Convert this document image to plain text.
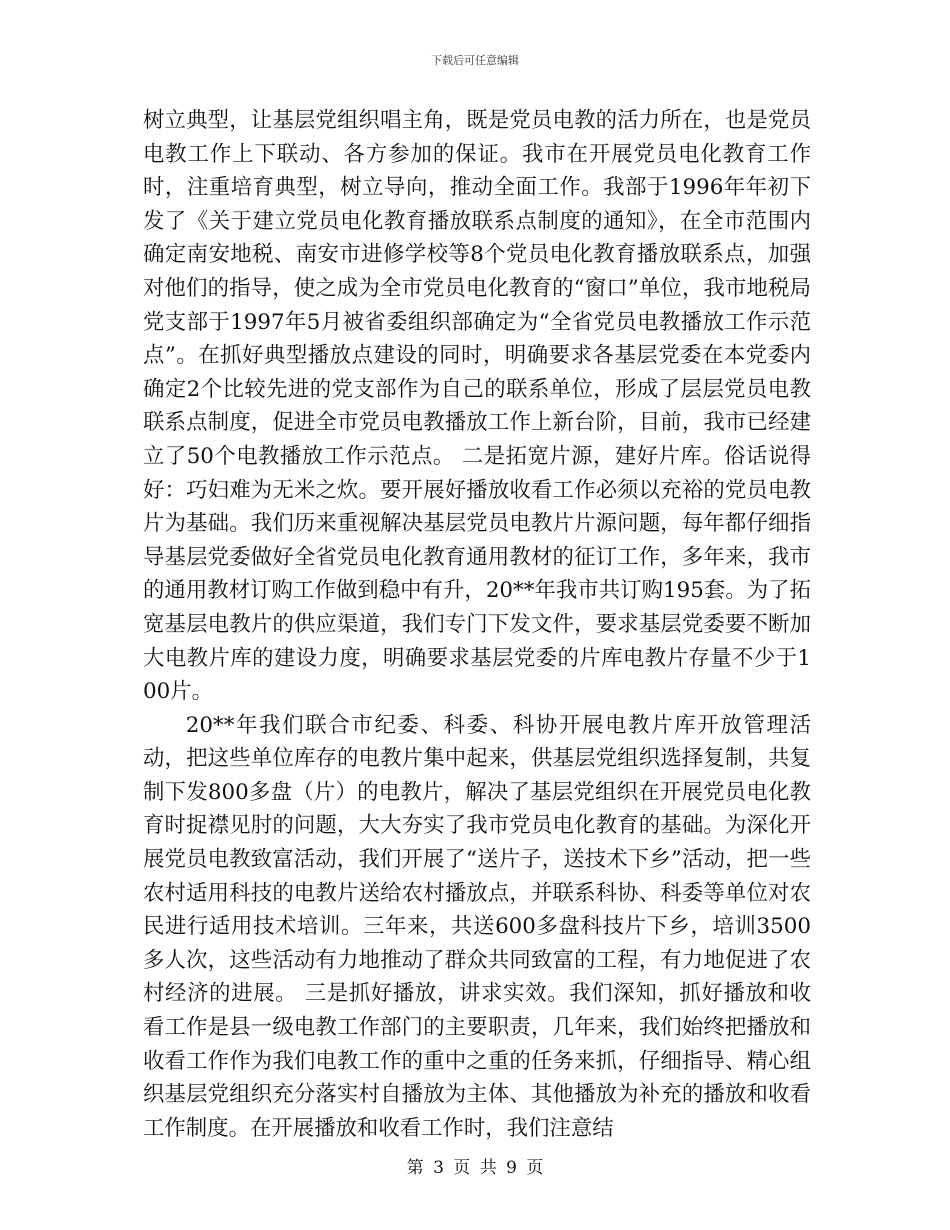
下载后可任意编辑

树立典型，让基层党组织唱主角，既是党员电教的活力所在，也是党员电教工作上下联动、各方参加的保证。我市在开展党员电化教育工作时，注重培育典型，树立导向，推动全面工作。我部于1996年年初下发了《关于建立党员电化教育播放联系点制度的通知》，在全市范围内确定南安地税、南安市进修学校等8个党员电化教育播放联系点，加强对他们的指导，使之成为全市党员电化教育的“窗口”单位，我市地税局党支部于1997年5月被省委组织部确定为“全省党员电教播放工作示范点”。在抓好典型播放点建设的同时，明确要求各基层党委在本党委内确定2个比较先进的党支部作为自己的联系单位，形成了层层党员电教联系点制度，促进全市党员电教播放工作上新台阶，目前，我市已经建立了50个电教播放工作示范点。 二是拓宽片源，建好片库。俗话说得好：巧妇难为无米之炊。要开展好播放收看工作必须以充裕的党员电教片为基础。我们历来重视解决基层党员电教片片源问题，每年都仔细指导基层党委做好全省党员电化教育通用教材的征订工作，多年来，我市的通用教材订购工作做到稳中有升，20**年我市共订购195套。为了拓宽基层电教片的供应渠道，我们专门下发文件，要求基层党委要不断加大电教片库的建设力度，明确要求基层党委的片库电教片存量不少于100片。

20**年我们联合市纪委、科委、科协开展电教片库开放管理活动，把这些单位库存的电教片集中起来，供基层党组织选择复制，共复制下发800多盘（片）的电教片，解决了基层党组织在开展党员电化教育时捉襟见肘的问题，大大夯实了我市党员电化教育的基础。为深化开展党员电教致富活动，我们开展了“送片子，送技术下乡”活动，把一些农村适用科技的电教片送给农村播放点，并联系科协、科委等单位对农民进行适用技术培训。三年来，共送600多盘科技片下乡，培训3500多人次，这些活动有力地推动了群众共同致富的工程，有力地促进了农村经济的进展。 三是抓好播放，讲求实效。我们深知，抓好播放和收看工作是县一级电教工作部门的主要职责，几年来，我们始终把播放和收看工作作为我们电教工作的重中之重的任务来抓，仔细指导、精心组织基层党组织充分落实村自播放为主体、其他播放为补充的播放和收看工作制度。在开展播放和收看工作时，我们注意结

第 3 页 共 9 页
